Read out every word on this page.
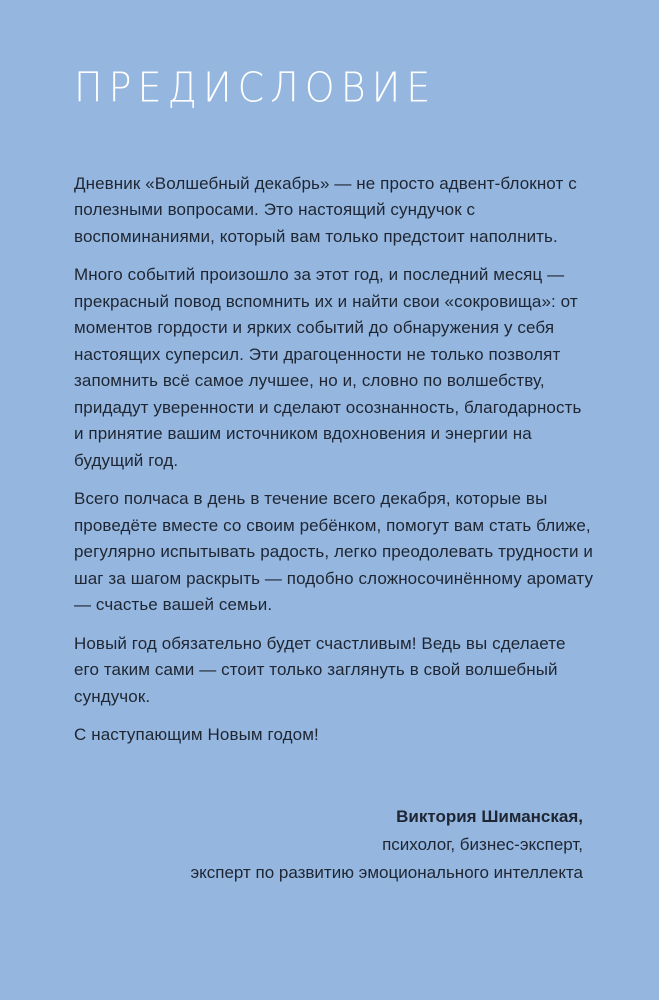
ПРЕДИСЛОВИЕ

Дневник «Волшебный декабрь» — не просто адвент-блокнот с полезными вопросами. Это настоящий сундучок с воспоминаниями, который вам только предстоит наполнить.

Много событий произошло за этот год, и последний месяц — прекрасный повод вспомнить их и найти свои «сокровища»: от моментов гордости и ярких событий до обнаружения у себя настоящих суперсил. Эти драгоценности не только позволят запомнить всё самое лучшее, но и, словно по волшебству, придадут уверенности и сделают осознанность, благодарность и принятие вашим источником вдохновения и энергии на будущий год.

Всего полчаса в день в течение всего декабря, которые вы проведёте вместе со своим ребёнком, помогут вам стать ближе, регулярно испытывать радость, легко преодолевать трудности и шаг за шагом раскрыть — подобно сложносочинённому аромату — счастье вашей семьи.

Новый год обязательно будет счастливым! Ведь вы сделаете его таким сами — стоит только заглянуть в свой волшебный сундучок.

С наступающим Новым годом!

Виктория Шиманская,

психолог, бизнес-эксперт,

эксперт по развитию эмоционального интеллекта
